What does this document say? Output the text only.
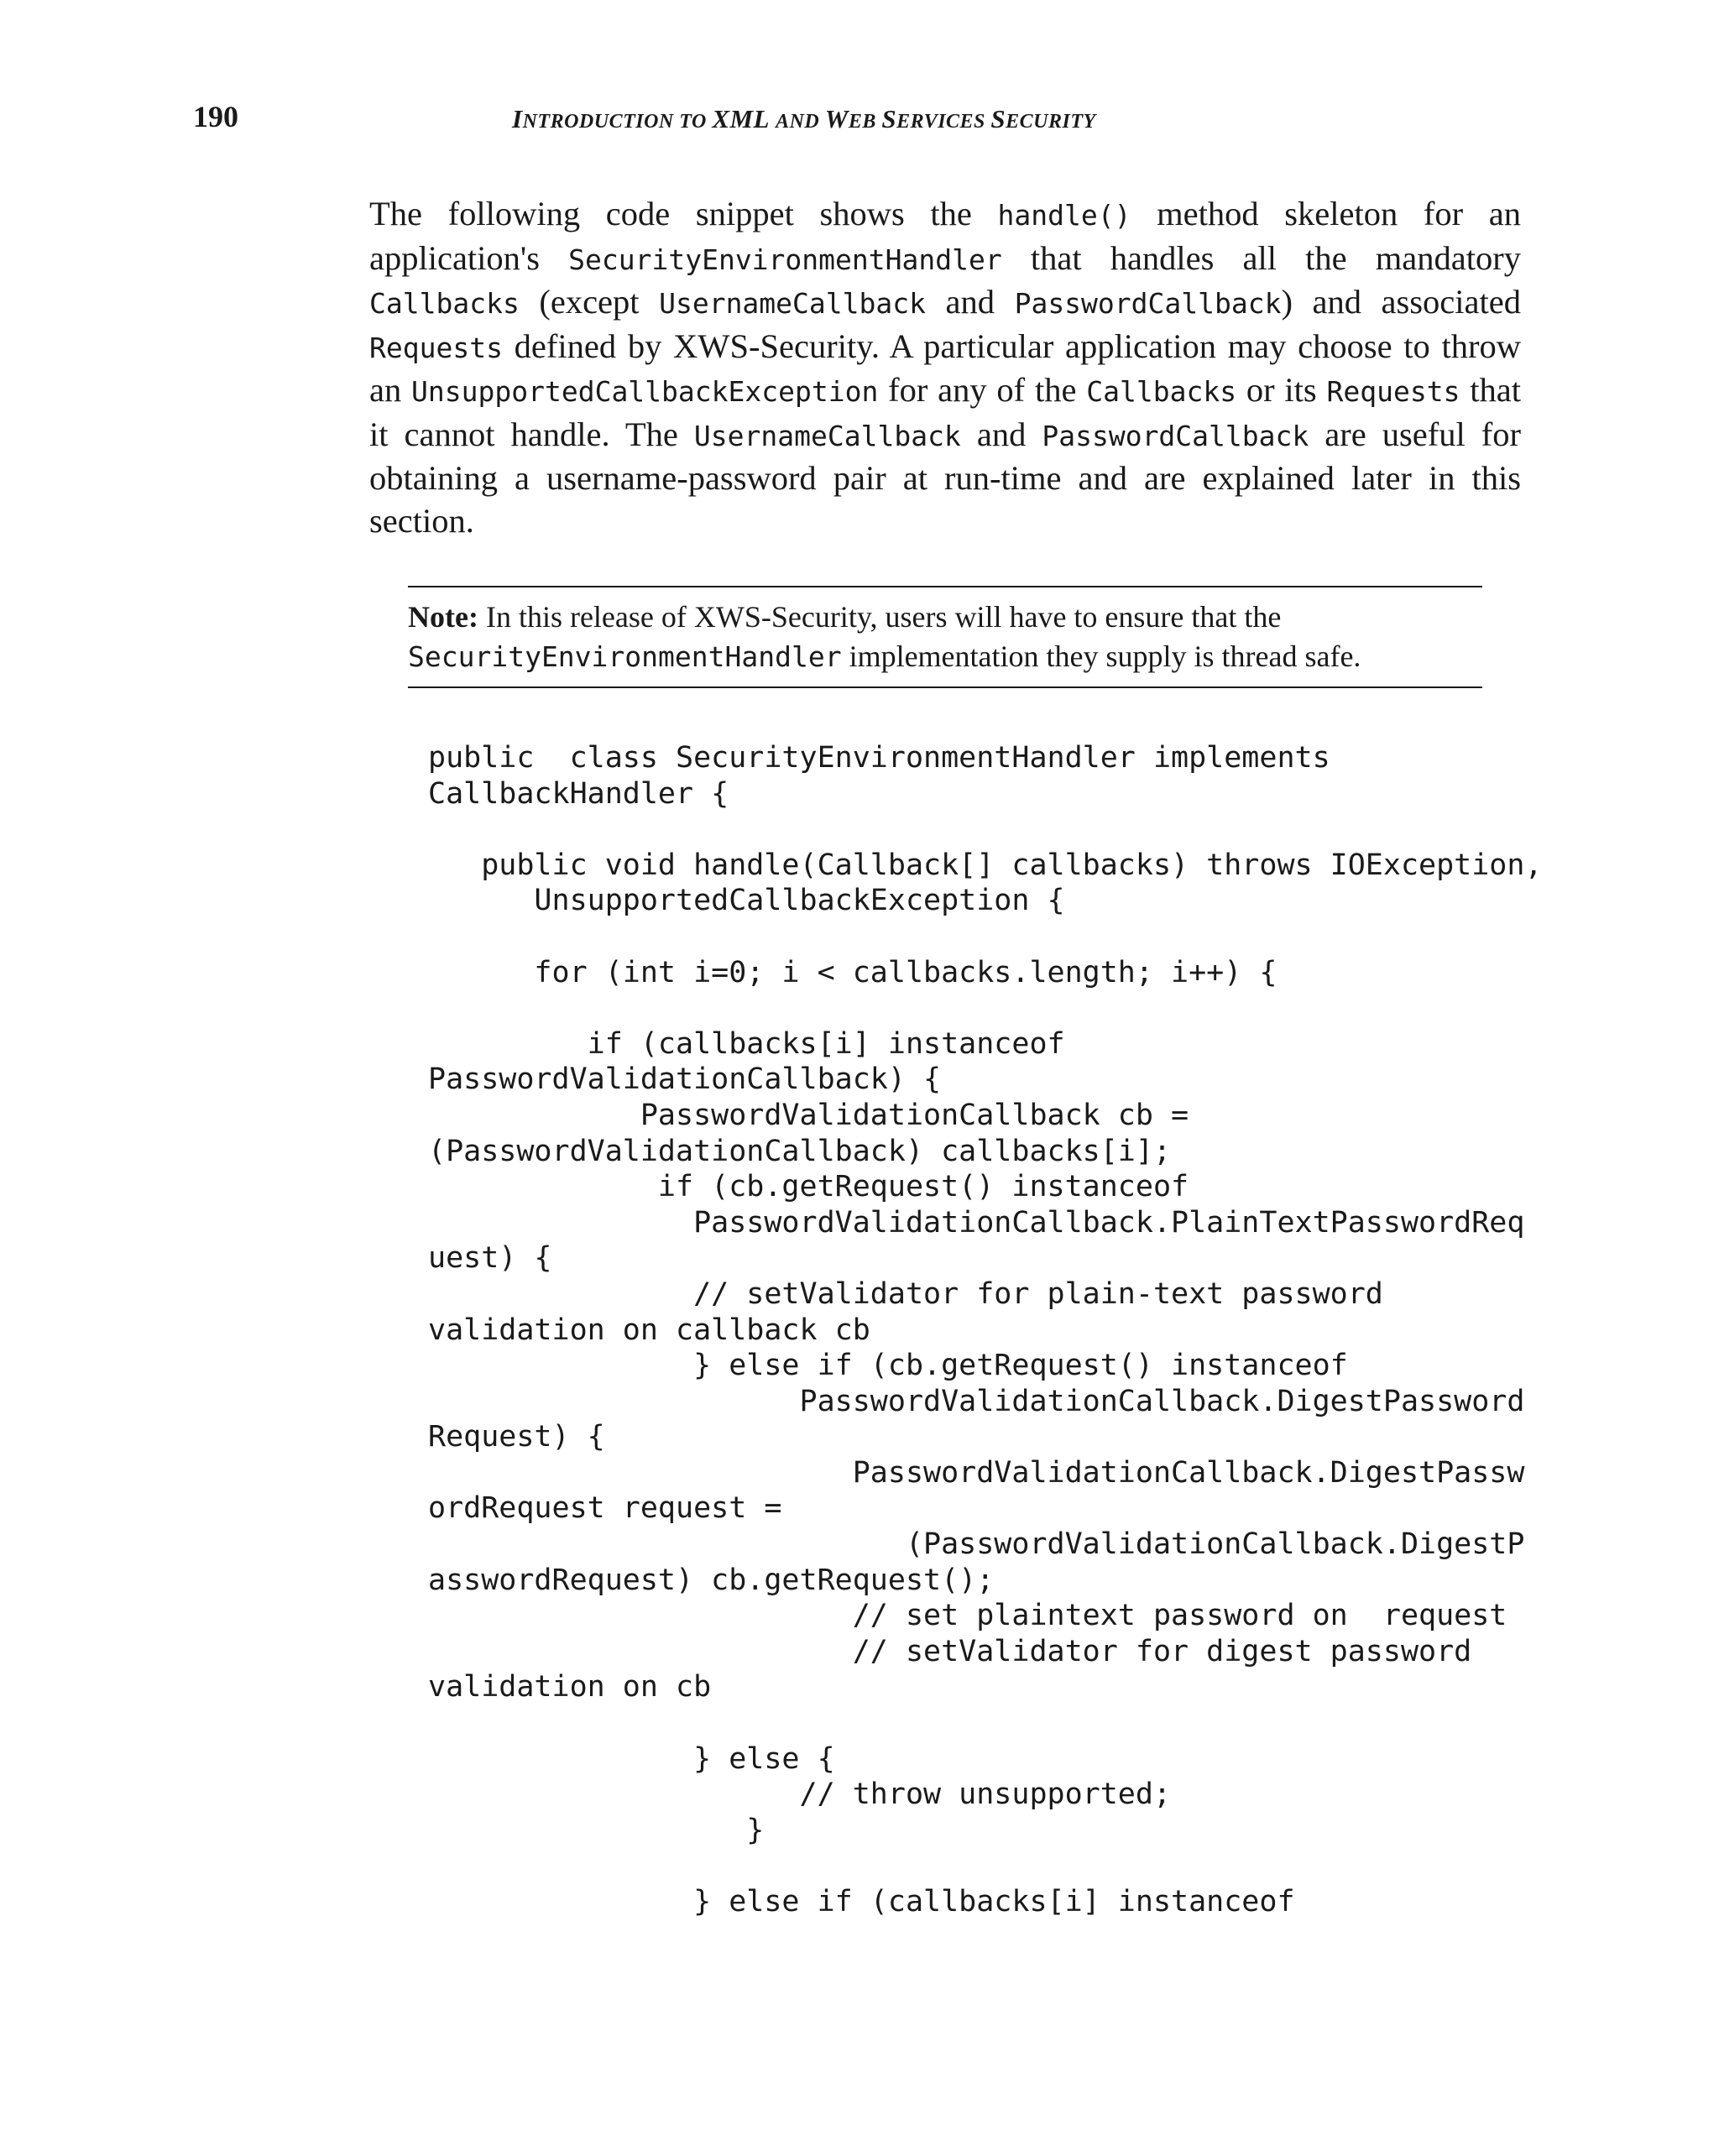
190	INTRODUCTION TO XML AND WEB SERVICES SECURITY

The following code snippet shows the handle() method skeleton for an application's SecurityEnvironmentHandler that handles all the mandatory Callbacks (except UsernameCallback and PasswordCallback) and associated Requests defined by XWS-Security. A particular application may choose to throw an UnsupportedCallbackException for any of the Callbacks or its Requests that it cannot handle. The UsernameCallback and PasswordCallback are useful for obtaining a username-password pair at run-time and are explained later in this section.

Note: In this release of XWS-Security, users will have to ensure that the SecurityEnvironmentHandler implementation they supply is thread safe.
public  class SecurityEnvironmentHandler implements
CallbackHandler {

public void handle(Callback[] callbacks) throws IOException,
UnsupportedCallbackException {

for (int i=0; i < callbacks.length; i++) {

if (callbacks[i] instanceof
PasswordValidationCallback) {
PasswordValidationCallback cb =
(PasswordValidationCallback) callbacks[i];
if (cb.getRequest() instanceof
PasswordValidationCallback.PlainTextPasswordReq
uest) {
// setValidator for plain-text password
validation on callback cb
} else if (cb.getRequest() instanceof
PasswordValidationCallback.DigestPassword
Request) {
PasswordValidationCallback.DigestPassw
ordRequest request =
(PasswordValidationCallback.DigestP
asswordRequest) cb.getRequest();
// set plaintext password on  request
// setValidator for digest password
validation on cb

} else {
// throw unsupported;
}

} else if (callbacks[i] instanceof
